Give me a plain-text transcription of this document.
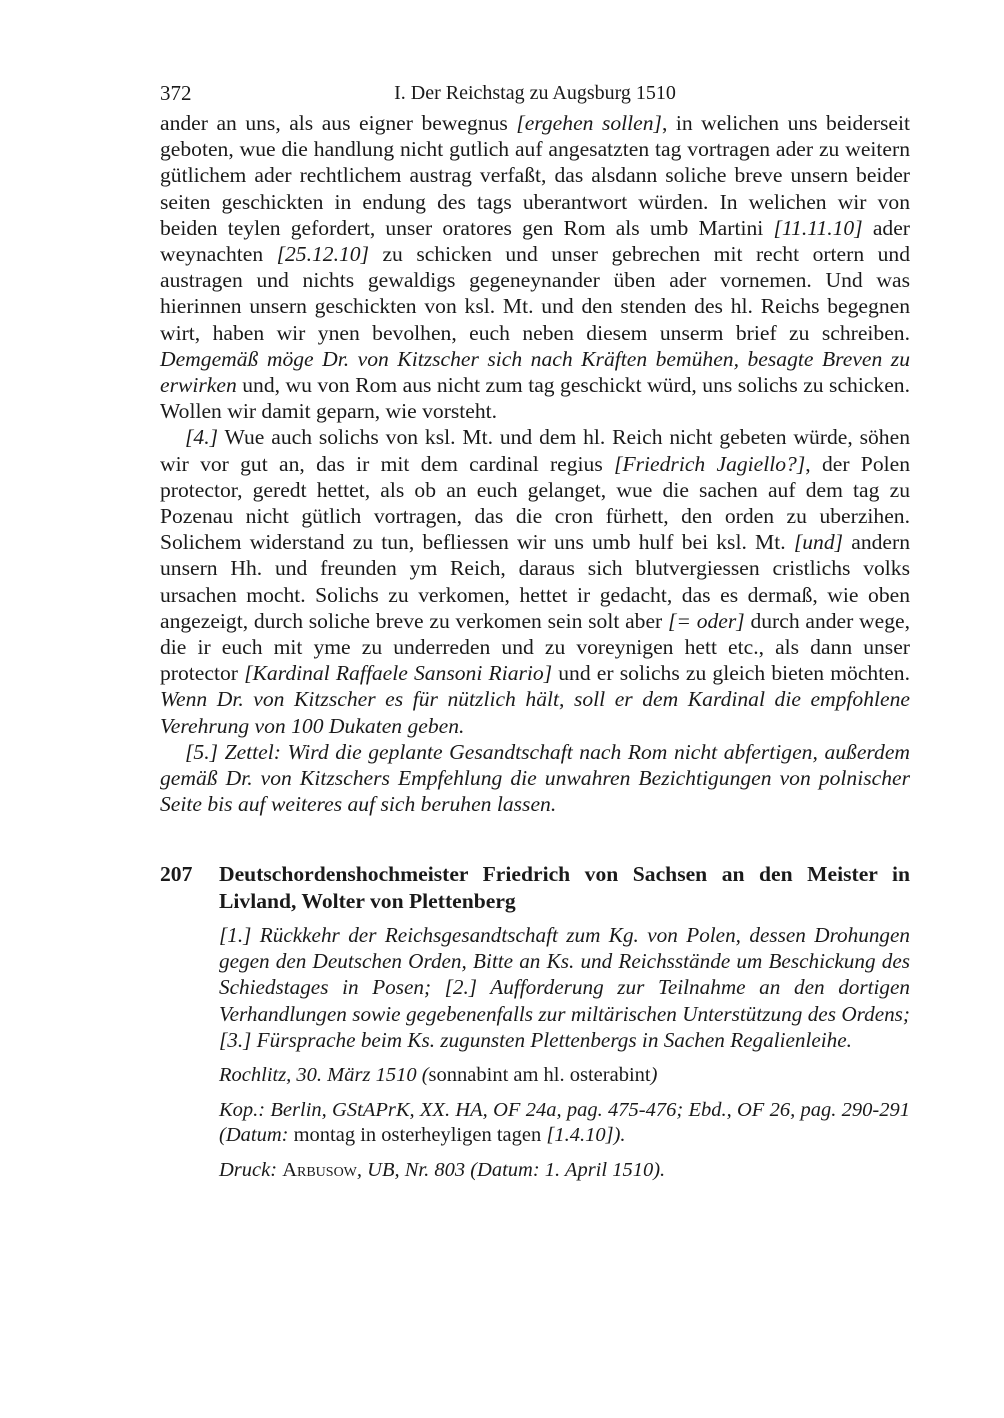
372	I. Der Reichstag zu Augsburg 1510

ander an uns, als aus eigner bewegnus [ergehen sollen], in welichen uns beiderseit geboten, wue die handlung nicht gutlich auf angesatzten tag vortragen ader zu weitern gütlichem ader rechtlichem austrag verfaßt, das alsdann soliche breve unsern beider seiten geschickten in endung des tags uberantwort würden. In welichen wir von beiden teylen gefordert, unser oratores gen Rom als umb Martini [11.11.10] ader weynachten [25.12.10] zu schicken und unser gebrechen mit recht ortern und austragen und nichts gewaldigs gegeneynander üben ader vornemen. Und was hierinnen unsern geschickten von ksl. Mt. und den stenden des hl. Reichs begegnen wirt, haben wir ynen bevolhen, euch neben diesem unserm brief zu schreiben. Demgemäß möge Dr. von Kitzscher sich nach Kräften bemühen, besagte Breven zu erwirken und, wu von Rom aus nicht zum tag geschickt würd, uns solichs zu schicken. Wollen wir damit geparn, wie vorsteht.

[4.] Wue auch solichs von ksl. Mt. und dem hl. Reich nicht gebeten würde, söhen wir vor gut an, das ir mit dem cardinal regius [Friedrich Jagiello?], der Polen protector, geredt hettet, als ob an euch gelanget, wue die sachen auf dem tag zu Pozenau nicht gütlich vortragen, das die cron fürhett, den orden zu uberzihen. Solichem widerstand zu tun, befliessen wir uns umb hulf bei ksl. Mt. [und] andern unsern Hh. und freunden ym Reich, daraus sich blutvergiessen cristlichs volks ursachen mocht. Solichs zu verkomen, hettet ir gedacht, das es dermaß, wie oben angezeigt, durch soliche breve zu verkomen sein solt aber [= oder] durch ander wege, die ir euch mit yme zu underreden und zu voreynigen hett etc., als dann unser protector [Kardinal Raffaele Sansoni Riario] und er solichs zu gleich bieten möchten. Wenn Dr. von Kitzscher es für nützlich hält, soll er dem Kardinal die empfohlene Verehrung von 100 Dukaten geben.

[5.] Zettel: Wird die geplante Gesandtschaft nach Rom nicht abfertigen, außerdem gemäß Dr. von Kitzschers Empfehlung die unwahren Bezichtigungen von polnischer Seite bis auf weiteres auf sich beruhen lassen.

207 Deutschordenshochmeister Friedrich von Sachsen an den Meister in Livland, Wolter von Plettenberg

[1.] Rückkehr der Reichsgesandtschaft zum Kg. von Polen, dessen Drohungen gegen den Deutschen Orden, Bitte an Ks. und Reichsstände um Beschickung des Schiedstages in Posen; [2.] Aufforderung zur Teilnahme an den dortigen Verhandlungen sowie gegebenenfalls zur miltärischen Unterstützung des Ordens; [3.] Fürsprache beim Ks. zugunsten Plettenbergs in Sachen Regalienleihe.

Rochlitz, 30. März 1510 (sonnabint am hl. osterabint)

Kop.: Berlin, GStAPrK, XX. HA, OF 24a, pag. 475-476; Ebd., OF 26, pag. 290-291 (Datum: montag in osterheyligen tagen [1.4.10]).

Druck: Arbusow, UB, Nr. 803 (Datum: 1. April 1510).
